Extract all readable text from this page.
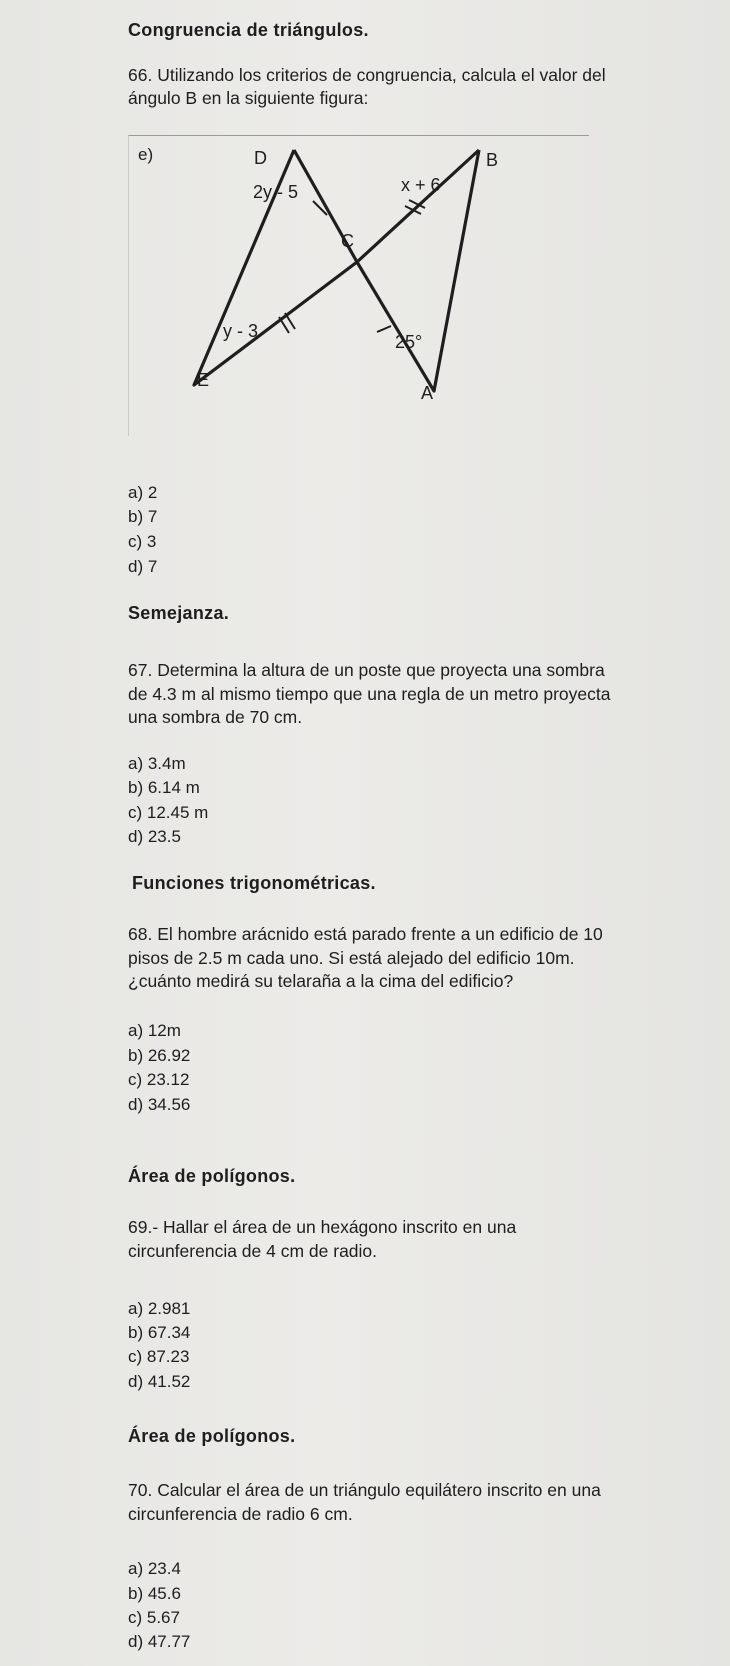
Congruencia de triángulos.
66. Utilizando los criterios de congruencia, calcula el valor del
ángulo B en la siguiente figura:
e)	D	B
C
E
A
2y - 5	x + 6
y - 3
25°
a) 2
b) 7
c) 3
d) 7
Semejanza.
67. Determina la altura de un poste que proyecta una sombra
de 4.3 m al mismo tiempo que una regla de un metro proyecta
una sombra de 70 cm.
a) 3.4m
b) 6.14 m
c) 12.45 m
d) 23.5
Funciones trigonométricas.
68. El hombre arácnido está parado frente a un edificio de 10
pisos de 2.5 m cada uno. Si está alejado del edificio 10m.
¿cuánto medirá su telaraña a la cima del edificio?
a) 12m
b) 26.92
c) 23.12
d) 34.56
Área de polígonos.
69.- Hallar el área de un hexágono inscrito en una
circunferencia de 4 cm de radio.
a) 2.981
b) 67.34
c) 87.23
d) 41.52
Área de polígonos.
70. Calcular el área de un triángulo equilátero inscrito en una
circunferencia de radio 6 cm.
a) 23.4
b) 45.6
c) 5.67
d) 47.77
